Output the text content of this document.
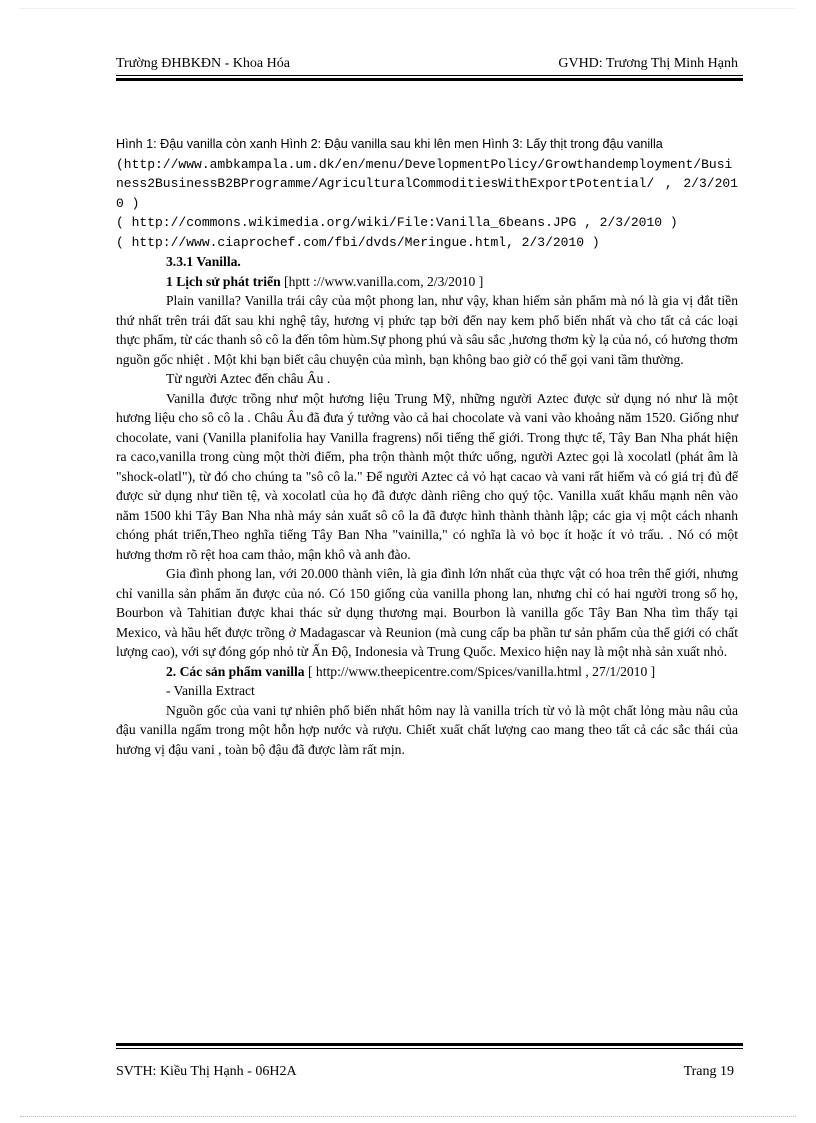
Trường ĐHBKĐN - Khoa Hóa	GVHD: Trương Thị Minh Hạnh

Hình 1: Đậu vanilla còn xanh Hình 2: Đậu vanilla sau khi lên men Hình 3: Lấy thịt trong đậu vanilla

(http://www.ambkampala.um.dk/en/menu/DevelopmentPolicy/Growthandemployment/Business2BusinessB2BProgramme/AgriculturalCommoditiesWithExportPotential/ , 2/3/2010 )

( http://commons.wikimedia.org/wiki/File:Vanilla_6beans.JPG , 2/3/2010 )

( http://www.ciaprochef.com/fbi/dvds/Meringue.html, 2/3/2010 )

3.3.1 Vanilla.

1 Lịch sử phát triển [hptt ://www.vanilla.com, 2/3/2010 ]

Plain vanilla? Vanilla trái cây của một phong lan, như vậy, khan hiếm sản phẩm mà nó là gia vị đắt tiền thứ nhất trên trái đất sau khi nghệ tây, hương vị phức tạp bởi đến nay kem phổ biến nhất và cho tất cả các loại thực phẩm, từ các thanh sô cô la đến tôm hùm.Sự phong phú và sâu sắc ,hương thơm kỳ lạ của nó, có hương thơm nguồn gốc nhiệt . Một khi bạn biết câu chuyện của mình, bạn không bao giờ có thể gọi vani tầm thường.

Từ người Aztec đến châu Âu .

Vanilla được trồng như một hương liệu Trung Mỹ, những người Aztec được sử dụng nó như là một hương liệu cho sô cô la . Châu Âu đã đưa ý tưởng vào cả hai chocolate và vani vào khoảng năm 1520. Giống như chocolate, vani (Vanilla planifolia hay Vanilla fragrens) nổi tiếng thế giới. Trong thực tế, Tây Ban Nha phát hiện ra caco,vanilla trong cùng một thời điểm, pha trộn thành một thức uống, người Aztec gọi là xocolatl (phát âm là "shock-olatl"), từ đó cho chúng ta "sô cô la." Để người Aztec cả vỏ hạt cacao và vani rất hiếm và có giá trị đủ để được sử dụng như tiền tệ, và xocolatl của họ đã được dành riêng cho quý tộc. Vanilla xuất khẩu mạnh nên vào năm 1500 khi Tây Ban Nha nhà máy sản xuất sô cô la đã được hình thành thành lập; các gia vị một cách nhanh chóng phát triển,Theo nghĩa tiếng Tây Ban Nha "vainilla," có nghĩa là vỏ bọc ít hoặc ít vỏ trấu. . Nó có một hương thơm rõ rệt hoa cam thảo, mận khô và anh đào.

Gia đình phong lan, với 20.000 thành viên, là gia đình lớn nhất của thực vật có hoa trên thế giới, nhưng chỉ vanilla sản phẩm ăn được của nó. Có 150 giống của vanilla phong lan, nhưng chỉ có hai người trong số họ, Bourbon và Tahitian được khai thác sử dụng thương mại. Bourbon là vanilla gốc Tây Ban Nha tìm thấy tại Mexico, và hầu hết được trồng ở Madagascar và Reunion (mà cung cấp ba phần tư sản phẩm của thế giới có chất lượng cao), với sự đóng góp nhỏ từ Ấn Độ, Indonesia và Trung Quốc. Mexico hiện nay là một nhà sản xuất nhỏ.

2. Các sản phẩm vanilla [ http://www.theepicentre.com/Spices/vanilla.html , 27/1/2010 ]

- Vanilla Extract

Nguồn gốc của vani tự nhiên phổ biến nhất hôm nay là vanilla trích từ vỏ là một chất lỏng màu nâu của đậu vanilla ngấm trong một hỗn hợp nước và rượu. Chiết xuất chất lượng cao mang theo tất cả các sắc thái của hương vị đậu vani , toàn bộ đậu đã được làm rất mịn.

SVTH: Kiều Thị Hạnh - 06H2A	Trang 19
